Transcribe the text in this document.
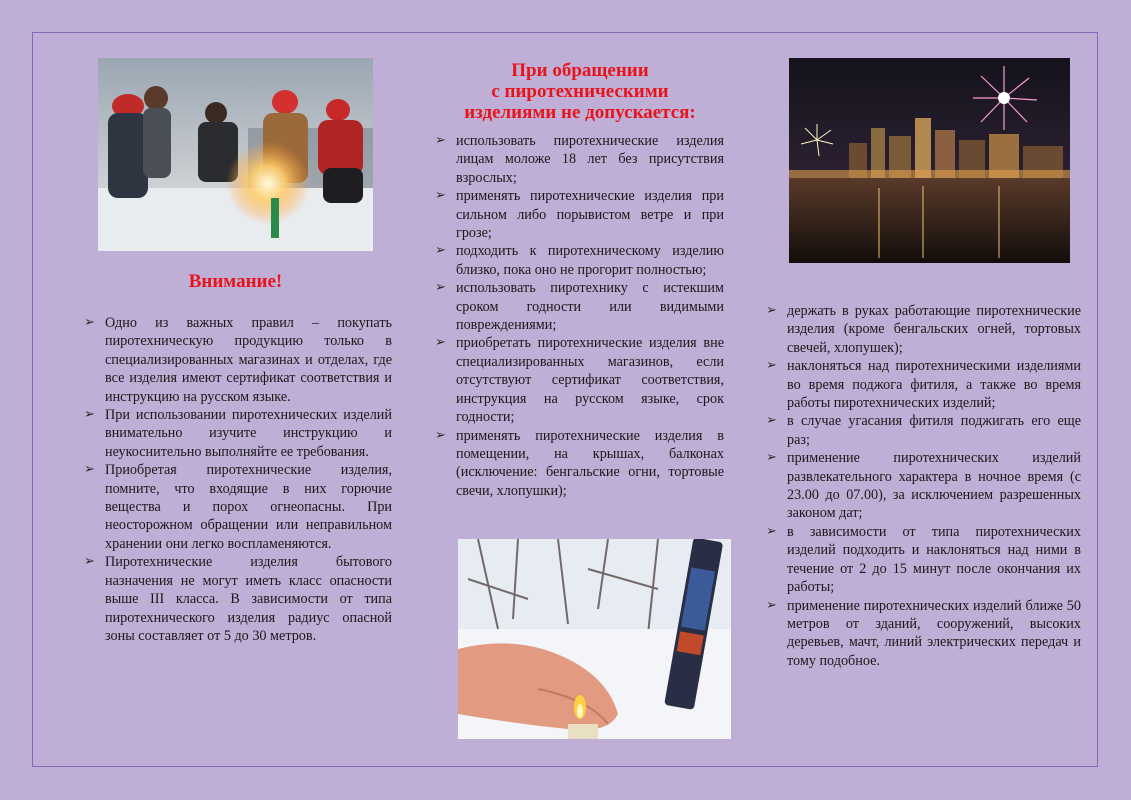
Внимание!
➢ Одно из важных правил – покупать пиротехническую продукцию только в специализированных магазинах и отделах, где все изделия имеют сертификат соответствия и инструкцию на русском языке.
➢ При использовании пиротехнических изделий внимательно изучите инструкцию и неукоснительно выполняйте ее требования.
➢ Приобретая пиротехнические изделия, помните, что входящие в них горючие вещества и порох огнеопасны. При неосторожном обращении или неправильном хранении они легко воспламеняются.
➢ Пиротехнические изделия бытового назначения не могут иметь класс опасности выше III класса. В зависимости от типа пиротехнического изделия радиус опасной зоны составляет от 5 до 30 метров.
При обращении
с пиротехническими
изделиями не допускается:
➢ использовать пиротехнические изделия лицам моложе 18 лет без присутствия взрослых;
➢ применять пиротехнические изделия при сильном либо порывистом ветре и при грозе;
➢ подходить к пиротехническому изделию близко, пока оно не прогорит полностью;
➢ использовать пиротехнику с истекшим сроком годности или видимыми повреждениями;
➢ приобретать пиротехнические изделия вне специализированных магазинов, если отсутствуют сертификат соответствия, инструкция на русском языке, срок годности;
➢ применять пиротехнические изделия в помещении, на крышах, балконах (исключение: бенгальские огни, тортовые свечи, хлопушки);
➢ держать в руках работающие пиротехнические изделия (кроме бенгальских огней, тортовых свечей, хлопушек);
➢ наклоняться над пиротехническими изделиями во время поджога фитиля, а также во время работы пиротехнических изделий;
➢ в случае угасания фитиля поджигать его еще раз;
➢ применение пиротехнических изделий развлекательного характера в ночное время (с 23.00 до 07.00), за исключением разрешенных законом дат;
➢ в зависимости от типа пиротехнических изделий подходить и наклоняться над ними в течение от 2 до 15 минут после окончания их работы;
➢ применение пиротехнических изделий ближе 50 метров от зданий, сооружений, высоких деревьев, мачт, линий электрических передач и тому подобное.
